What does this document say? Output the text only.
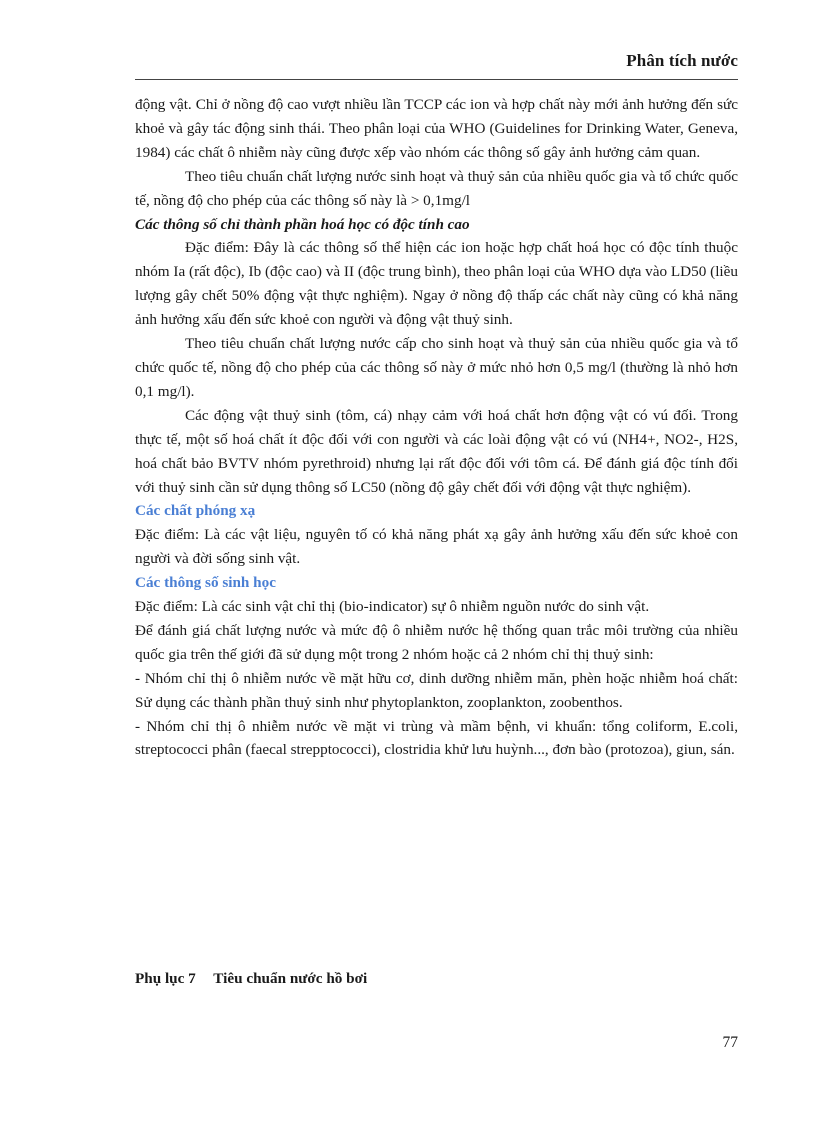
Phân tích nước

động vật. Chỉ ở nồng độ cao vượt nhiều lần TCCP các ion và hợp chất này mới ảnh hưởng đến sức khoẻ và gây tác động sinh thái. Theo phân loại của WHO (Guidelines for Drinking Water, Geneva, 1984) các chất ô nhiễm này cũng được xếp vào nhóm các thông số gây ảnh hưởng cảm quan.

Theo tiêu chuẩn chất lượng nước sinh hoạt và thuỷ sản của nhiều quốc gia và tổ chức quốc tế, nồng độ cho phép của các thông số này là > 0,1mg/l

Các thông số chỉ thành phần hoá học có độc tính cao

Đặc điểm: Đây là các thông số thể hiện các ion hoặc hợp chất hoá học có độc tính thuộc nhóm Ia (rất độc), Ib (độc cao) và II (độc trung bình), theo phân loại của WHO dựa vào LD50 (liều lượng gây chết 50% động vật thực nghiệm). Ngay ở nồng độ thấp các chất này cũng có khả năng ảnh hưởng xấu đến sức khoẻ con người và động vật thuỷ sinh.

Theo tiêu chuẩn chất lượng nước cấp cho sinh hoạt và thuỷ sản của nhiều quốc gia và tổ chức quốc tế, nồng độ cho phép của các thông số này ở mức nhỏ hơn 0,5 mg/l (thường là nhỏ hơn 0,1 mg/l).

Các động vật thuỷ sinh (tôm, cá) nhạy cảm với hoá chất hơn động vật có vú đối. Trong thực tế, một số hoá chất ít độc đối với con người và các loài động vật có vú (NH4+, NO2-, H2S, hoá chất bảo BVTV nhóm pyrethroid) nhưng lại rất độc đối với tôm cá. Để đánh giá độc tính đối với thuỷ sinh cần sử dụng thông số LC50 (nồng độ gây chết đối với động vật thực nghiệm).

Các chất phóng xạ

Đặc điểm: Là các vật liệu, nguyên tố có khả năng phát xạ gây ảnh hưởng xấu đến sức khoẻ con người và đời sống sinh vật.

Các thông số sinh học

Đặc điểm: Là các sinh vật chỉ thị (bio-indicator) sự ô nhiễm nguồn nước do sinh vật.

Để đánh giá chất lượng nước và mức độ ô nhiễm nước hệ thống quan trắc môi trường của nhiều quốc gia trên thế giới đã sử dụng một trong 2 nhóm hoặc cả 2 nhóm chỉ thị thuỷ sinh:

- Nhóm chỉ thị ô nhiễm nước về mặt hữu cơ, dinh dưỡng nhiễm măn, phèn hoặc nhiễm hoá chất: Sử dụng các thành phần thuỷ sinh như phytoplankton, zooplankton, zoobenthos.

- Nhóm chỉ thị ô nhiễm nước về mặt vi trùng và mầm bệnh, vi khuẩn: tổng coliform, E.coli, streptococci phân (faecal strepptococci), clostridia khử lưu huỳnh..., đơn bào (protozoa), giun, sán.

Phụ lục 7 Tiêu chuẩn nước hồ bơi
77
